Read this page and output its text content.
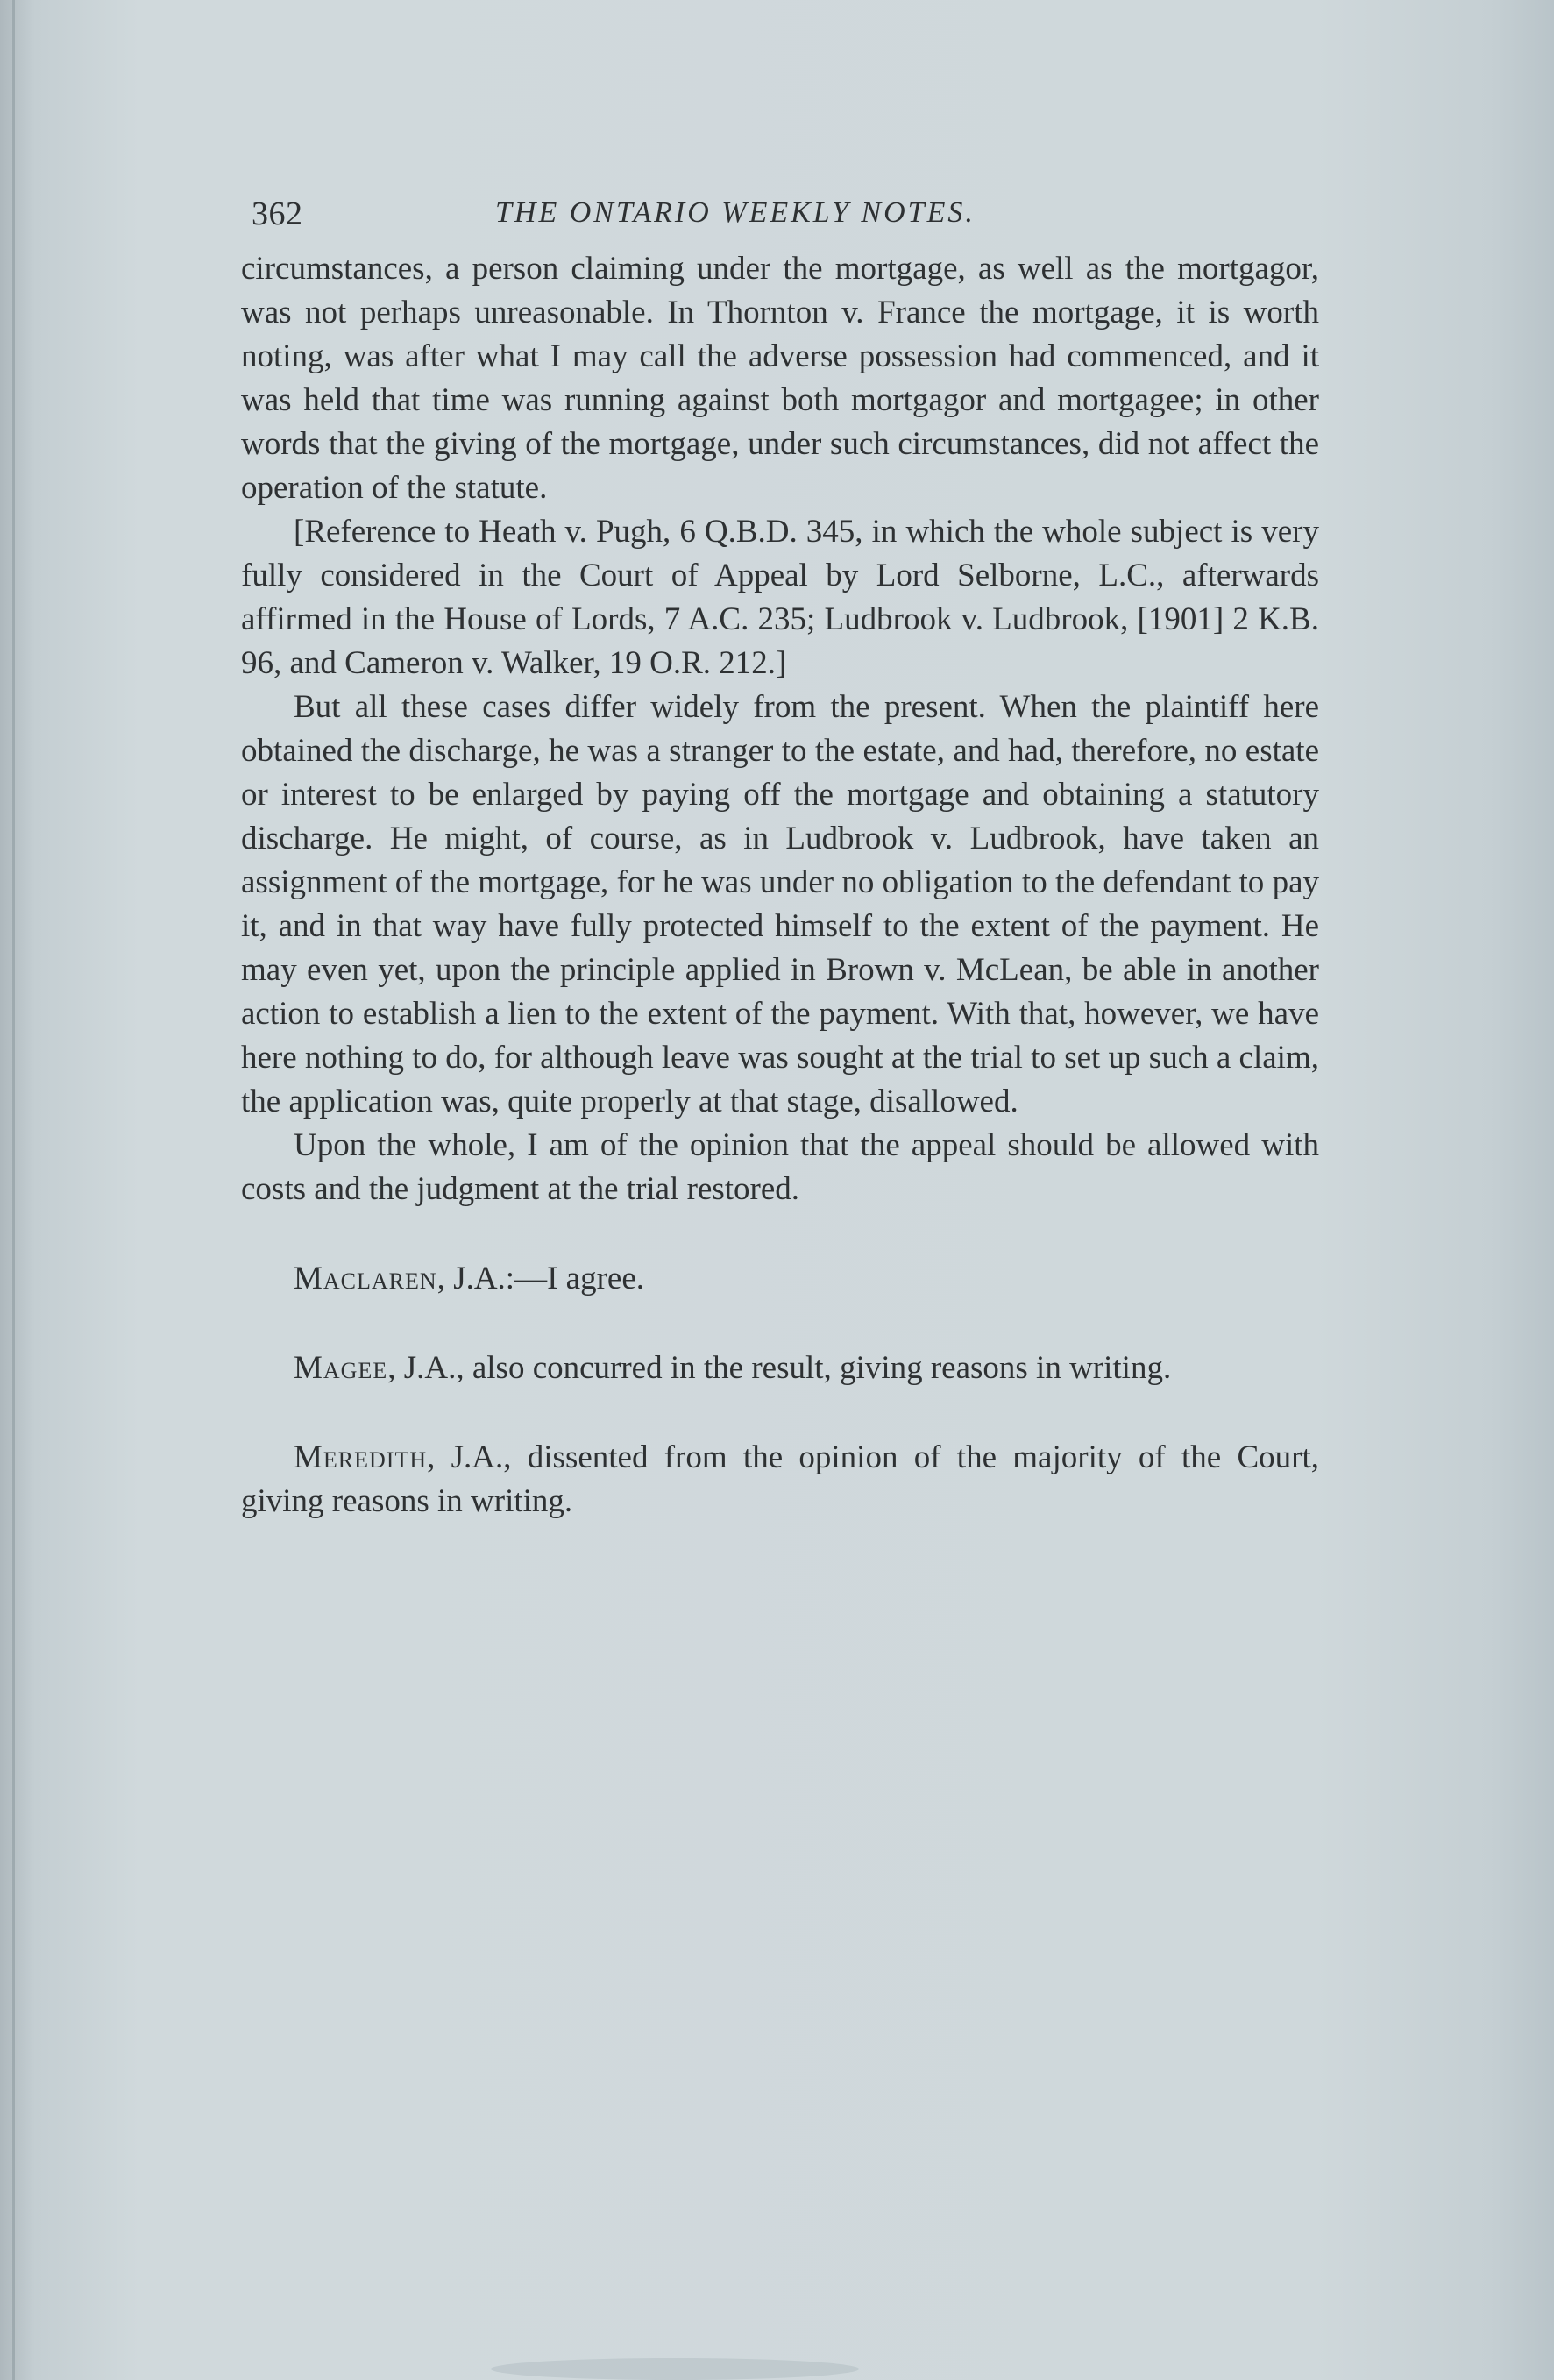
362	THE ONTARIO WEEKLY NOTES.

circumstances, a person claiming under the mortgage, as well as the mortgagor, was not perhaps unreasonable. In Thornton v. France the mortgage, it is worth noting, was after what I may call the adverse possession had commenced, and it was held that time was running against both mortgagor and mortgagee; in other words that the giving of the mortgage, under such circumstances, did not affect the operation of the statute.

[Reference to Heath v. Pugh, 6 Q.B.D. 345, in which the whole subject is very fully considered in the Court of Appeal by Lord Selborne, L.C., afterwards affirmed in the House of Lords, 7 A.C. 235; Ludbrook v. Ludbrook, [1901] 2 K.B. 96, and Cameron v. Walker, 19 O.R. 212.]

But all these cases differ widely from the present. When the plaintiff here obtained the discharge, he was a stranger to the estate, and had, therefore, no estate or interest to be enlarged by paying off the mortgage and obtaining a statutory discharge. He might, of course, as in Ludbrook v. Ludbrook, have taken an assignment of the mortgage, for he was under no obligation to the defendant to pay it, and in that way have fully protected himself to the extent of the payment. He may even yet, upon the principle applied in Brown v. McLean, be able in another action to establish a lien to the extent of the payment. With that, however, we have here nothing to do, for although leave was sought at the trial to set up such a claim, the application was, quite properly at that stage, disallowed.

Upon the whole, I am of the opinion that the appeal should be allowed with costs and the judgment at the trial restored.

Maclaren, J.A.:—I agree.

Magee, J.A., also concurred in the result, giving reasons in writing.

Meredith, J.A., dissented from the opinion of the majority of the Court, giving reasons in writing.
